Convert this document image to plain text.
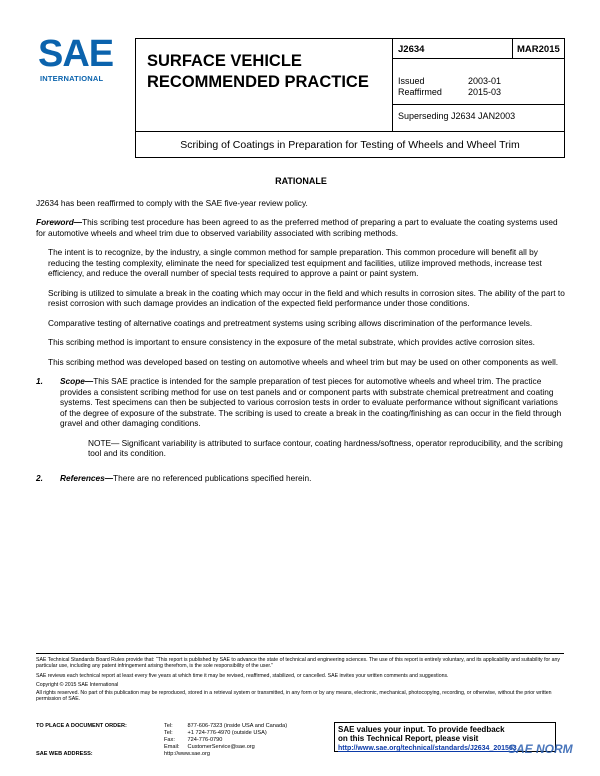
SAE
INTERNATIONAL
SURFACE VEHICLE
RECOMMENDED PRACTICE
J2634	MAR2015
Issued	2003-01
Reaffirmed	2015-03
Superseding J2634 JAN2003
Scribing of Coatings in Preparation for Testing of Wheels and Wheel Trim
RATIONALE

J2634 has been reaffirmed to comply with the SAE five-year review policy.

Foreword—This scribing test procedure has been agreed to as the preferred method of preparing a part to evaluate the coating systems used for automotive wheels and wheel trim due to observed variability associated with scribing methods.

The intent is to recognize, by the industry, a single common method for sample preparation. This common procedure will benefit all by reducing the testing complexity, eliminate the need for specialized test equipment and facilities, utilize improved methods, increase test efficiency, and reduce the overall number of special tests required to approve a paint or paint system.

Scribing is utilized to simulate a break in the coating which may occur in the field and which results in corrosion sites. The ability of the part to resist corrosion with such damage provides an indication of the expected field performance under those conditions.

Comparative testing of alternative coatings and pretreatment systems using scribing allows discrimination of the performance levels.

This scribing method is important to ensure consistency in the exposure of the metal substrate, which provides active corrosion sites.

This scribing method was developed based on testing on automotive wheels and wheel trim but may be used on other components as well.

1. Scope—This SAE practice is intended for the sample preparation of test pieces for automotive wheels and wheel trim. The practice provides a consistent scribing method for use on test panels and or component parts with substrate chemical pretreatment and coating systems. Test specimens can then be subjected to various corrosion tests in order to evaluate performance without significant variations of the degree of exposure of the substrate. The scribing is used to create a break in the coating/finishing as can occur in the field through gravel and other damaging conditions.

NOTE— Significant variability is attributed to surface contour, coating hardness/softness, operator reproducibility, and the scribing tool and its condition.

2. References—There are no referenced publications specified herein.

SAE Technical Standards Board Rules provide that: “This report is published by SAE to advance the state of technical and engineering sciences. The use of this report is entirely voluntary, and its applicability and suitability for any particular use, including any patent infringement arising therefrom, is the sole responsibility of the user.”

SAE reviews each technical report at least every five years at which time it may be revised, reaffirmed, stabilized, or cancelled. SAE invites your written comments and suggestions.

Copyright © 2015 SAE International

All rights reserved. No part of this publication may be reproduced, stored in a retrieval system or transmitted, in any form or by any means, electronic, mechanical, photocopying, recording, or otherwise, without the prior written permission of SAE.

TO PLACE A DOCUMENT ORDER:	Tel:	877-606-7323 (inside USA and Canada)
	Tel:	+1 724-776-4970 (outside USA)
	Fax:	724-776-0790
	Email:	CustomerService@sae.org
SAE WEB ADDRESS:	http://www.sae.org	
SAE values your input. To provide feedback
on this Technical Report, please visit
http://www.sae.org/technical/standards/J2634_201503
SAE NORM
